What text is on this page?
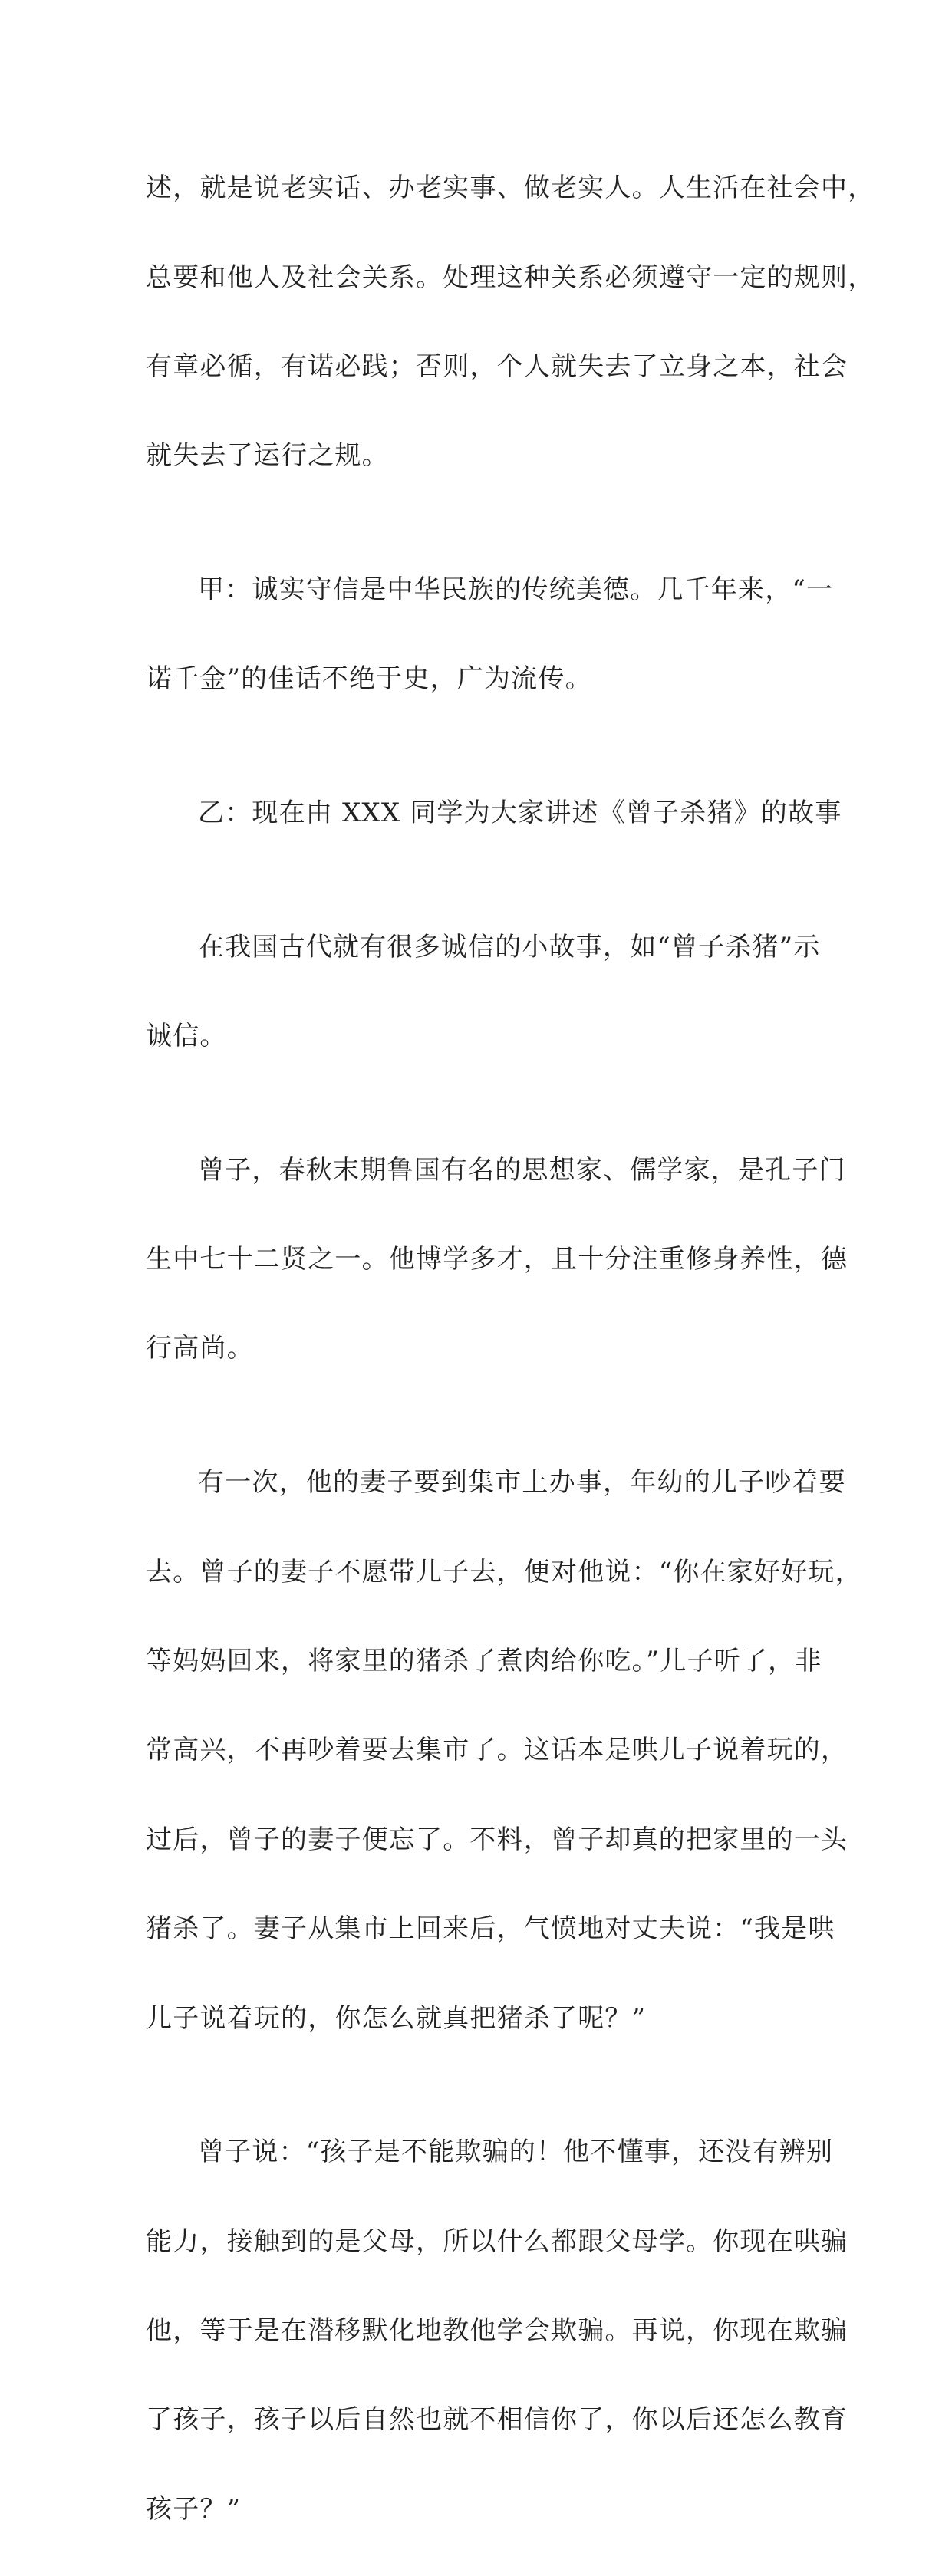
述，就是说老实话、办老实事、做老实人。人生活在社会中，

总要和他人及社会关系。处理这种关系必须遵守一定的规则，

有章必循，有诺必践；否则，个人就失去了立身之本，社会

就失去了运行之规。

甲：诚实守信是中华民族的传统美德。几千年来，“一

诺千金”的佳话不绝于史，广为流传。

乙：现在由 XXX 同学为大家讲述《曾子杀猪》的故事

在我国古代就有很多诚信的小故事，如“曾子杀猪”示

诚信。

曾子，春秋末期鲁国有名的思想家、儒学家，是孔子门

生中七十二贤之一。他博学多才，且十分注重修身养性，德

行高尚。

有一次，他的妻子要到集市上办事，年幼的儿子吵着要

去。曾子的妻子不愿带儿子去，便对他说：“你在家好好玩，

等妈妈回来，将家里的猪杀了煮肉给你吃。”儿子听了，非

常高兴，不再吵着要去集市了。这话本是哄儿子说着玩的，

过后，曾子的妻子便忘了。不料，曾子却真的把家里的一头

猪杀了。妻子从集市上回来后，气愤地对丈夫说：“我是哄

儿子说着玩的，你怎么就真把猪杀了呢？”

曾子说：“孩子是不能欺骗的！他不懂事，还没有辨别

能力，接触到的是父母，所以什么都跟父母学。你现在哄骗

他，等于是在潜移默化地教他学会欺骗。再说，你现在欺骗

了孩子，孩子以后自然也就不相信你了，你以后还怎么教育

孩子？”
